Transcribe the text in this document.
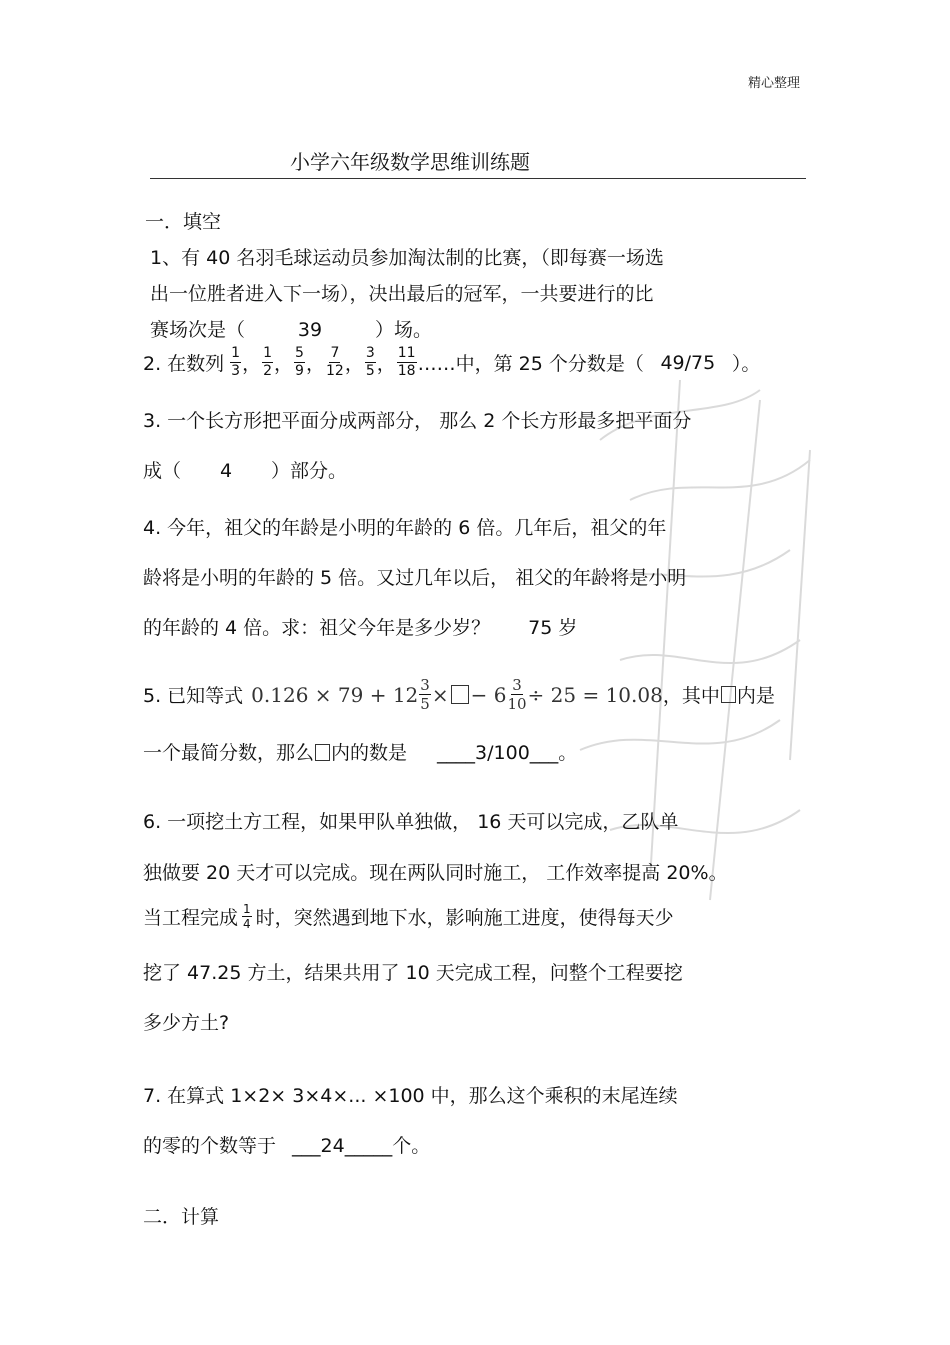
精心整理
小学六年级数学思维训练题
一．填空
1、有 40 名羽毛球运动员参加淘汰制的比赛，（即每赛一场选
出一位胜者进入下一场），决出最后的冠军，一共要进行的比
赛场次是（	39	）场。
2. 在数列 $\frac{1}{3}$ ， $\frac{1}{2}$ ， $\frac{5}{9}$ ， $\frac{7}{12}$ ， $\frac{3}{5}$ ， $\frac{11}{18}$ ……中，第 25 个分数是（ 49/75 ）。
3. 一个长方形把平面分成两部分， 那么 2 个长方形最多把平面分
成（ 4 ）部分。
4. 今年，祖父的年龄是小明的年龄的 6 倍。几年后，祖父的年
龄将是小明的年龄的 5 倍。又过几年以后， 祖父的年龄将是小明
的年龄的 4 倍。求：祖父今年是多少岁？ 75 岁
5. 已知等式 $0.126 \times 79 + 12 \frac{3}{5}$ × − $6 \frac{3}{10} \div 25 = 10.08$ ，其中 内是
一个最简分数，那么 内的数是 ____3/100___。
6. 一项挖土方工程，如果甲队单独做， 16 天可以完成，乙队单
独做要 20 天才可以完成。现在两队同时施工， 工作效率提高 20%。
当工程完成 $\frac{1}{4}$ 时，突然遇到地下水，影响施工进度，使得每天少
挖了 47.25 方土，结果共用了 10 天完成工程，问整个工程要挖
多少方土?
7. 在算式 1×2× 3×4×... ×100 中，那么这个乘积的末尾连续
的零的个数等于 ___24_____个。
二．计算
